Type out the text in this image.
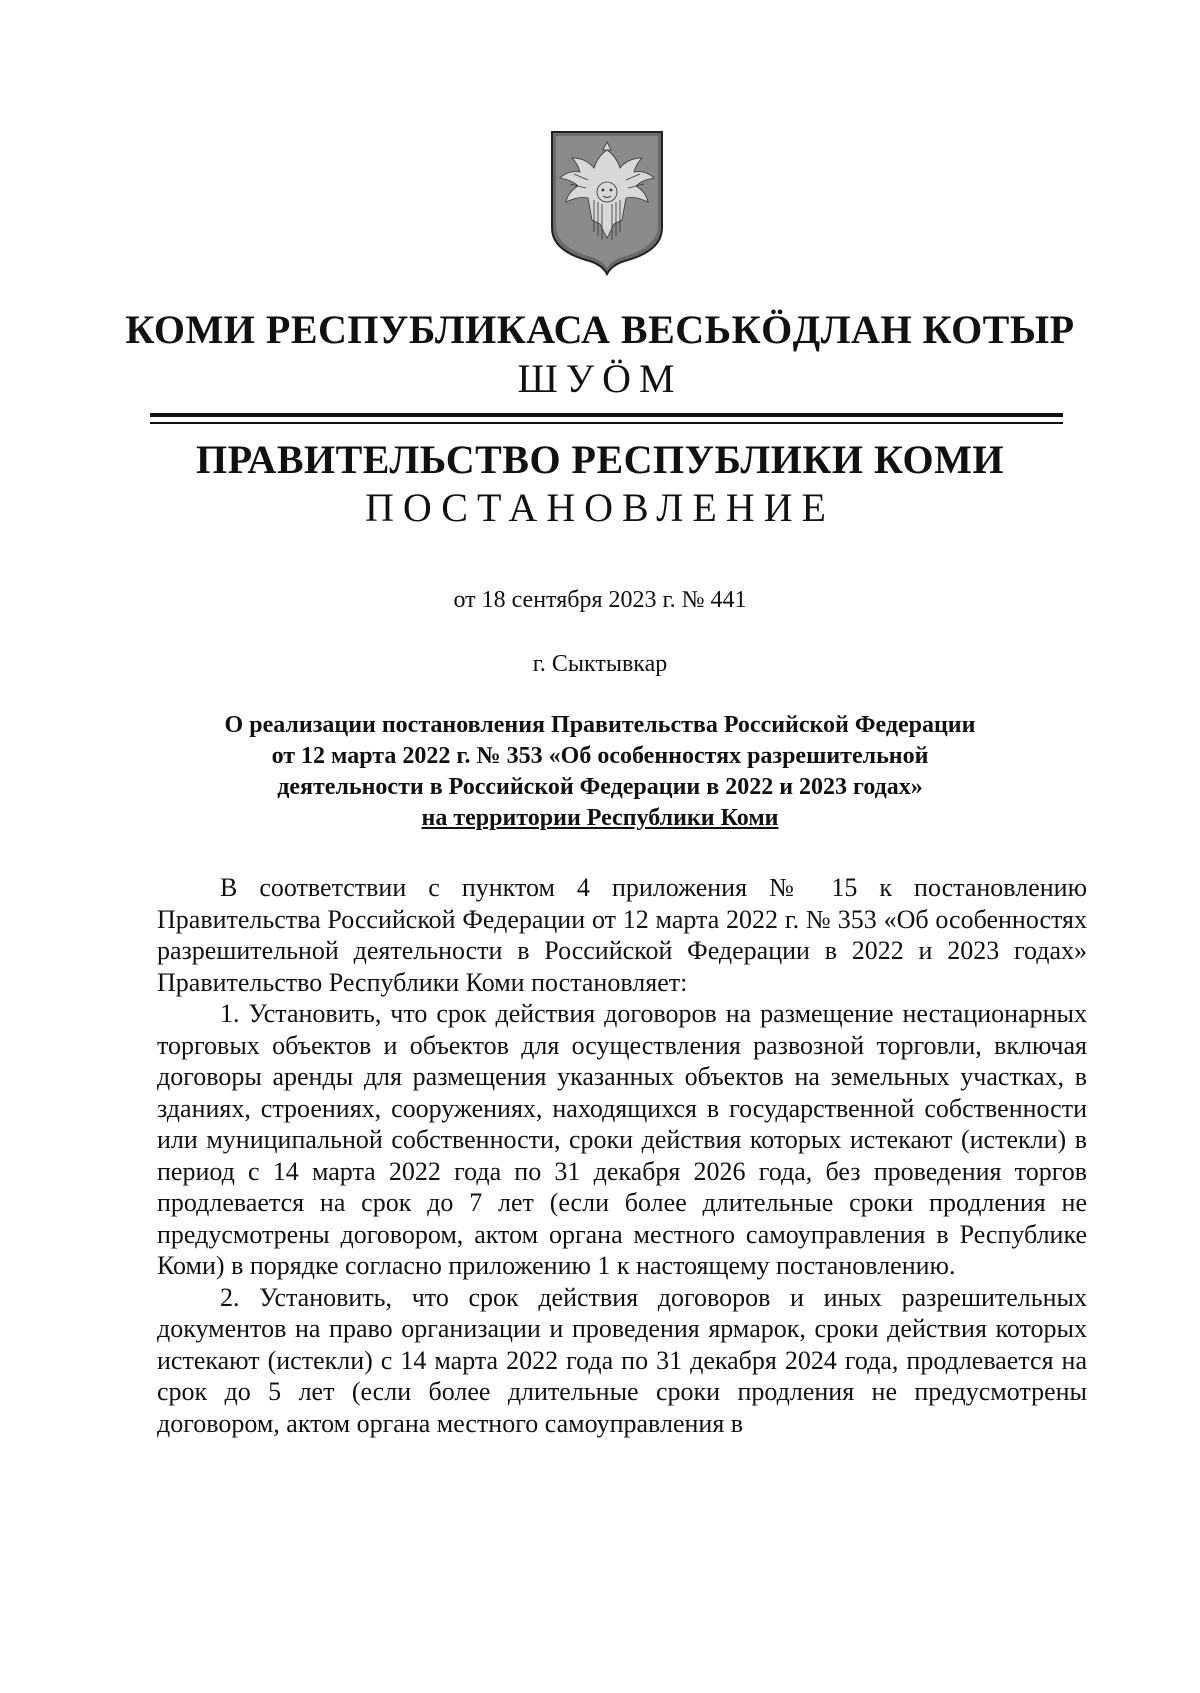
КОМИ РЕСПУБЛИКАСА ВЕСЬКӦДЛАН КОТЫР
ШУӦМ
ПРАВИТЕЛЬСТВО РЕСПУБЛИКИ КОМИ
ПОСТАНОВЛЕНИЕ
от 18 сентября 2023 г. № 441
г. Сыктывкар
О реализации постановления Правительства Российской Федерации
от 12 марта 2022 г. № 353 «Об особенностях разрешительной
деятельности в Российской Федерации в 2022 и 2023 годах»
на территории Республики Коми

В соответствии с пунктом 4 приложения № 15 к постановлению Правительства Российской Федерации от 12 марта 2022 г. № 353 «Об особенностях разрешительной деятельности в Российской Федерации в 2022 и 2023 годах» Правительство Республики Коми постановляет:

1. Установить, что срок действия договоров на размещение нестационарных торговых объектов и объектов для осуществления развозной торговли, включая договоры аренды для размещения указанных объектов на земельных участках, в зданиях, строениях, сооружениях, находящихся в государственной собственности или муниципальной собственности, сроки действия которых истекают (истекли) в период с 14 марта 2022 года по 31 декабря 2026 года, без проведения торгов продлевается на срок до 7 лет (если более длительные сроки продления не предусмотрены договором, актом органа местного самоуправления в Республике Коми) в порядке согласно приложению 1 к настоящему постановлению.

2. Установить, что срок действия договоров и иных разрешительных документов на право организации и проведения ярмарок, сроки действия которых истекают (истекли) с 14 марта 2022 года по 31 декабря 2024 года, продлевается на срок до 5 лет (если более длительные сроки продления не предусмотрены договором, актом органа местного самоуправления в
